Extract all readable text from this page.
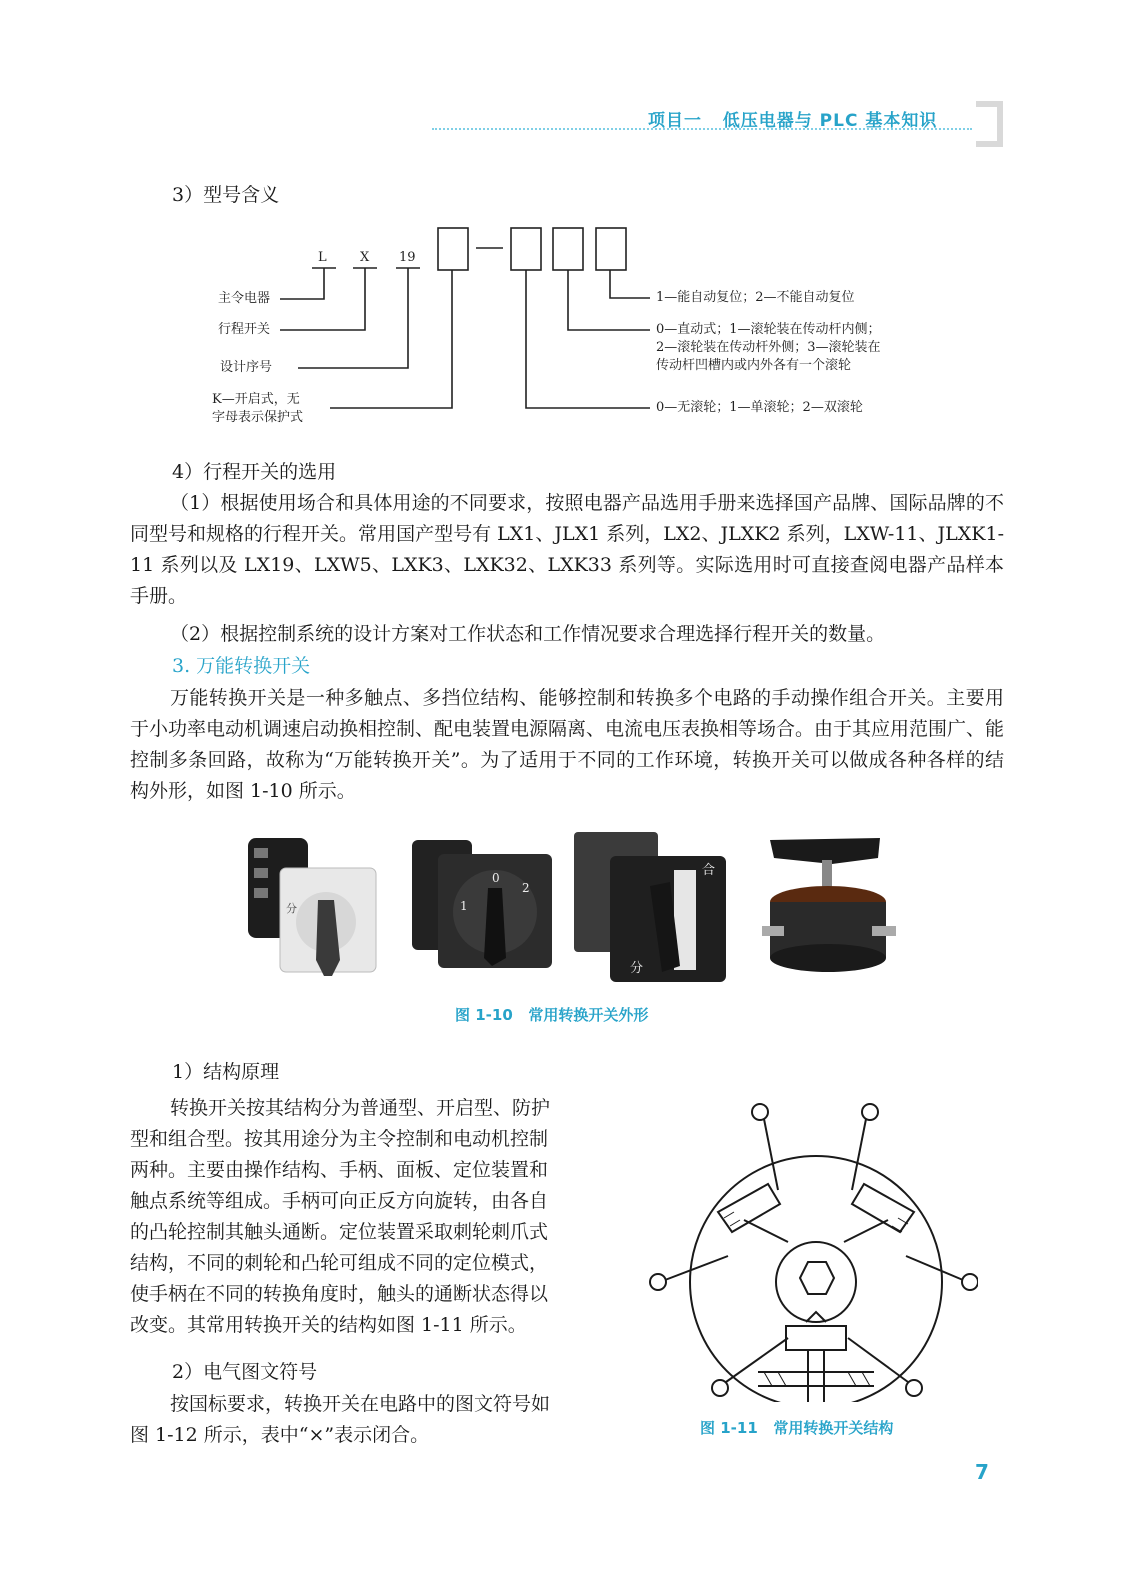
项目一   低压电器与 PLC 基本知识
3）型号含义
L	X 19
主令电器
行程开关
设计序号
K—开启式，无
字母表示保护式
1—能自动复位；2—不能自动复位
0—直动式；1—滚轮装在传动杆内侧；
2—滚轮装在传动杆外侧；3—滚轮装在
传动杆凹槽内或内外各有一个滚轮
0—无滚轮；1—单滚轮；2—双滚轮
4）行程开关的选用
（1）根据使用场合和具体用途的不同要求，按照电器产品选用手册来选择国产品牌、国际品牌的不同型号和规格的行程开关。常用国产型号有 LX1、JLX1 系列，LX2、JLXK2 系列，LXW-11、JLXK1-11 系列以及 LX19、LXW5、LXK3、LXK32、LXK33 系列等。实际选用时可直接查阅电器产品样本手册。
（2）根据控制系统的设计方案对工作状态和工作情况要求合理选择行程开关的数量。
3. 万能转换开关
万能转换开关是一种多触点、多挡位结构、能够控制和转换多个电路的手动操作组合开关。主要用于小功率电动机调速启动换相控制、配电装置电源隔离、电流电压表换相等场合。由于其应用范围广、能控制多条回路，故称为“万能转换开关”。为了适用于不同的工作环境，转换开关可以做成各种各样的结构外形，如图 1-10 所示。
分	1
0
2
合
分
图 1-10   常用转换开关外形
1）结构原理
转换开关按其结构分为普通型、开启型、防护
型和组合型。按其用途分为主令控制和电动机控制
两种。主要由操作结构、手柄、面板、定位装置和
触点系统等组成。手柄可向正反方向旋转，由各自
的凸轮控制其触头通断。定位装置采取刺轮刺爪式
结构，不同的刺轮和凸轮可组成不同的定位模式，
使手柄在不同的转换角度时，触头的通断状态得以
改变。其常用转换开关的结构如图 1-11 所示。
2）电气图文符号
按国标要求，转换开关在电路中的图文符号如
图 1-12 所示，表中“×”表示闭合。	图 1-11   常用转换开关结构
7
